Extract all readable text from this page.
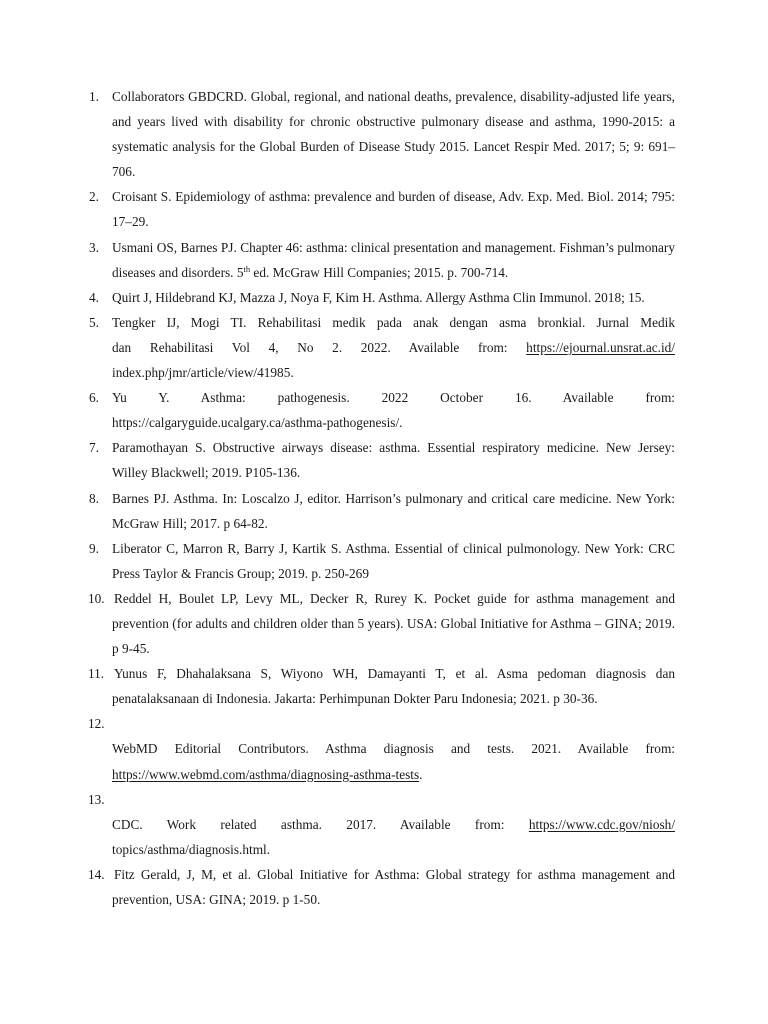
1. Collaborators GBDCRD. Global, regional, and national deaths, prevalence, disability-adjusted life years, and years lived with disability for chronic obstructive pulmonary disease and asthma, 1990-2015: a systematic analysis for the Global Burden of Disease Study 2015. Lancet Respir Med. 2017; 5; 9: 691–706.
2. Croisant S. Epidemiology of asthma: prevalence and burden of disease, Adv. Exp. Med. Biol. 2014; 795: 17–29.
3. Usmani OS, Barnes PJ. Chapter 46: asthma: clinical presentation and management. Fishman’s pulmonary diseases and disorders. 5th ed. McGraw Hill Companies; 2015. p. 700-714.
4. Quirt J, Hildebrand KJ, Mazza J, Noya F, Kim H. Asthma. Allergy Asthma Clin Immunol. 2018; 15.
5. Tengker IJ, Mogi TI. Rehabilitasi medik pada anak dengan asma bronkial. Jurnal Medik
dan Rehabilitasi Vol 4, No 2. 2022. Available from: https://ejournal.unsrat.ac.id/
index.php/jmr/article/view/41985.
6. Yu Y. Asthma: pathogenesis. 2022 October 16. Available from:
https://calgaryguide.ucalgary.ca/asthma-pathogenesis/.
7. Paramothayan S. Obstructive airways disease: asthma. Essential respiratory medicine. New Jersey: Willey Blackwell; 2019. P105-136.
8. Barnes PJ. Asthma. In: Loscalzo J, editor. Harrison’s pulmonary and critical care medicine. New York: McGraw Hill; 2017. p 64-82.
9. Liberator C, Marron R, Barry J, Kartik S. Asthma. Essential of clinical pulmonology. New York: CRC Press Taylor & Francis Group; 2019. p. 250-269
10. Reddel H, Boulet LP, Levy ML, Decker R, Rurey K. Pocket guide for asthma management and prevention (for adults and children older than 5 years). USA: Global Initiative for Asthma – GINA; 2019. p 9-45.
11. Yunus F, Dhahalaksana S, Wiyono WH, Damayanti T, et al. Asma pedoman diagnosis dan penatalaksanaan di Indonesia. Jakarta: Perhimpunan Dokter Paru Indonesia; 2021. p 30-36.
12.
WebMD Editorial Contributors. Asthma diagnosis and tests. 2021. Available from:
https://www.webmd.com/asthma/diagnosing-asthma-tests.
13.
CDC. Work related asthma. 2017. Available from: https://www.cdc.gov/niosh/
topics/asthma/diagnosis.html.
14. Fitz Gerald, J, M, et al. Global Initiative for Asthma: Global strategy for asthma management and prevention, USA: GINA; 2019. p 1-50.
